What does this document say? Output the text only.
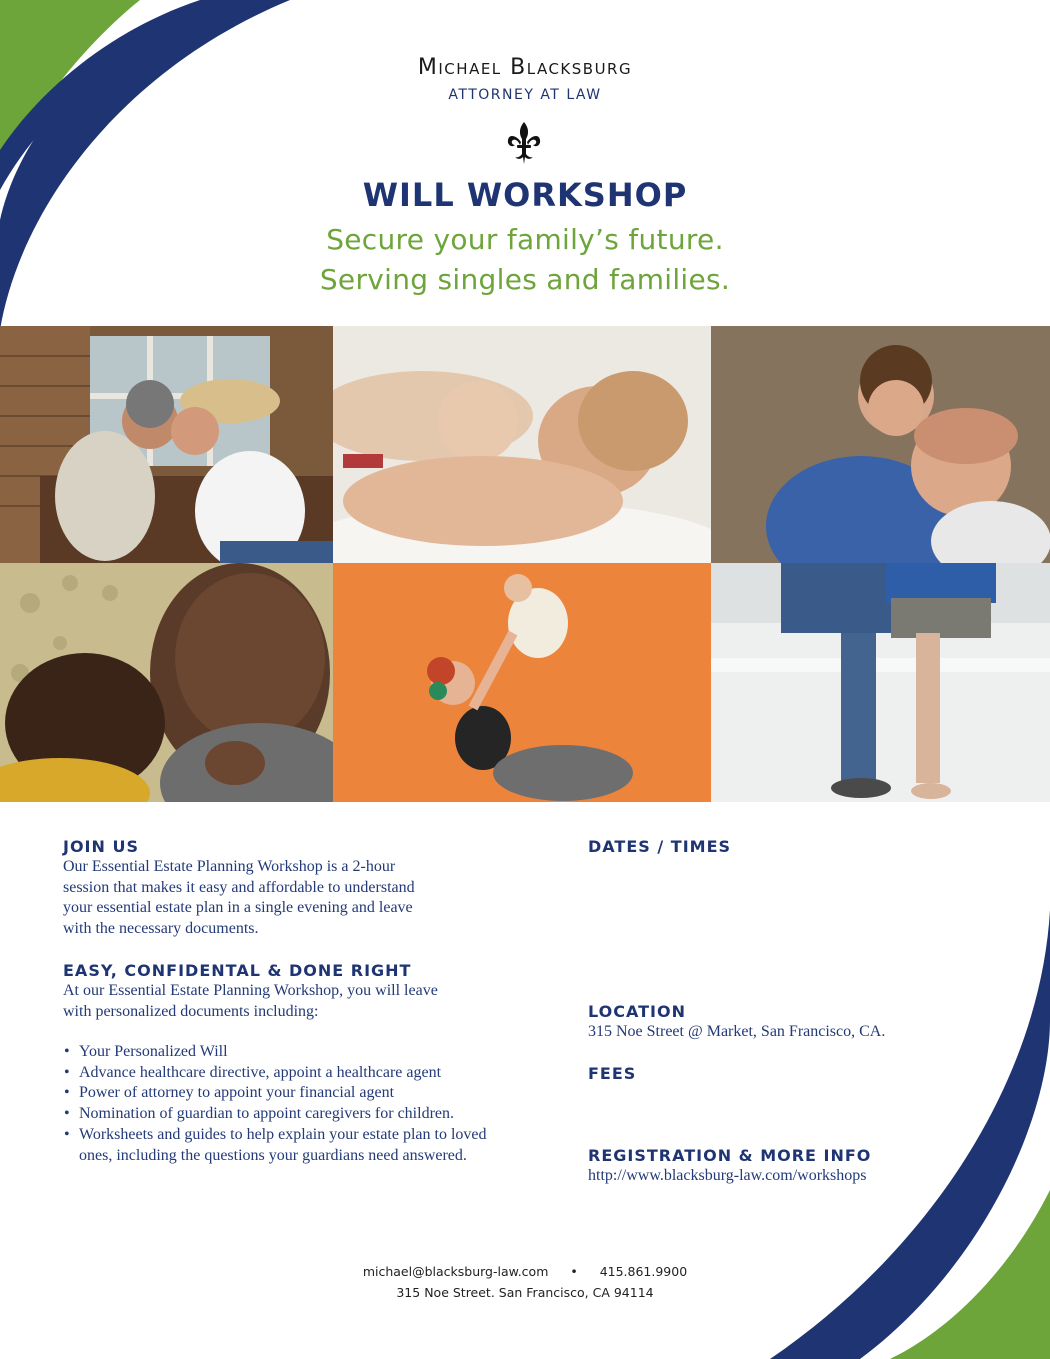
Michael Blacksburg
ATTORNEY AT LAW
WILL WORKSHOP
Secure your family’s future.
Serving singles and families.
JOIN US
Our Essential Estate Planning Workshop is a 2-hour
session that makes it easy and affordable to understand
your essential estate plan in a single evening and leave
with the necessary documents.
EASY, CONFIDENTAL & DONE RIGHT
At our Essential Estate Planning Workshop, you will leave
with personalized documents including:
• Your Personalized Will
• Advance healthcare directive, appoint a healthcare agent
• Power of attorney to appoint your financial agent
• Nomination of guardian to appoint caregivers for children.
• Worksheets and guides to help explain your estate plan to loved ones, including the questions your guardians need answered.
DATES / TIMES
LOCATION
315 Noe Street @ Market, San Francisco, CA.
FEES
REGISTRATION & MORE INFO
http://www.blacksburg-law.com/workshops
michael@blacksburg-law.com • 415.861.9900
315 Noe Street. San Francisco, CA 94114
